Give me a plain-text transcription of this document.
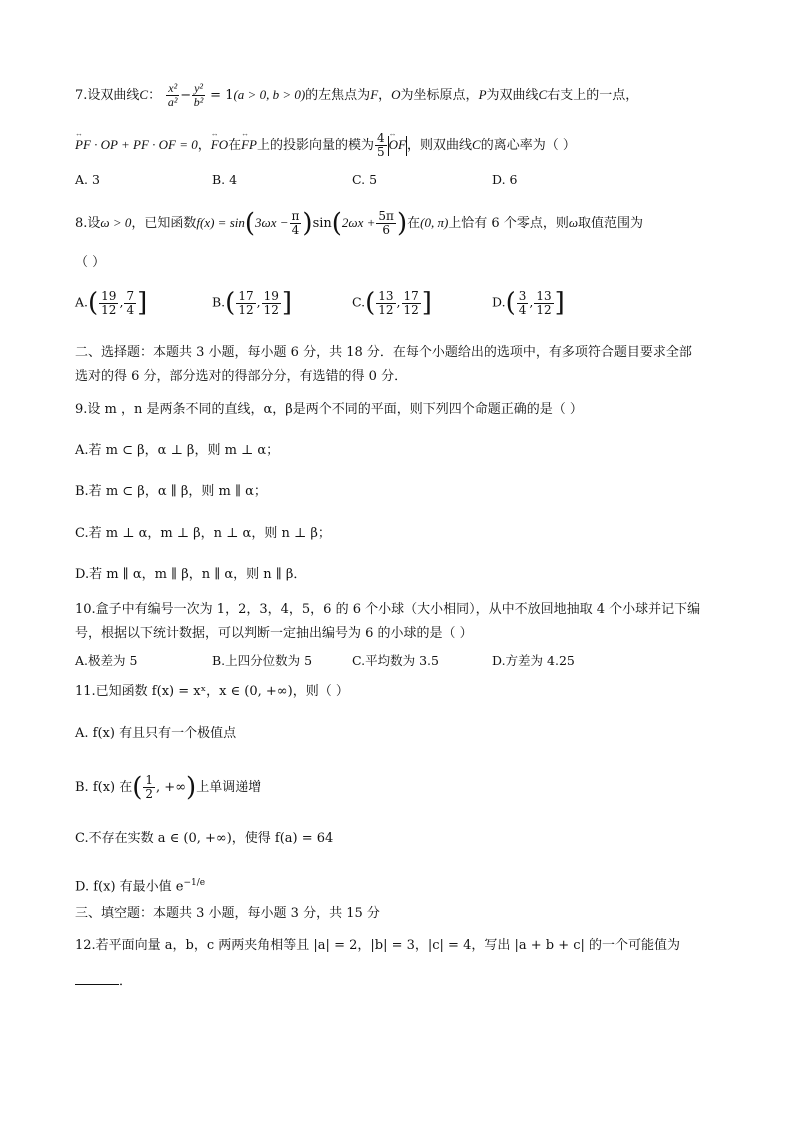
7.设双曲线C： $\frac{\text{x²}}{\text{a²}} - \frac{\text{y²}}{\text{b²}} = 1(a > 0$, b > 0)的左焦点为F，O为坐标原点，P为双曲线C右支上的一点，
↔ PF · OP + PF · OF = 0，↔ FO在↔ FP上的投影向量的模为 $\frac{4}{5}$
↔ OF，则双曲线C的离心率为（ ）
A. 3	B. 4	C. 5	D. 6
8.设ω > 0，已知函数$f(x) = \sin(3\omega x - \frac{\pi}{4} )\sin(2\omega x + \frac{5\pi}{6}$ )在(0, π)上恰有 6 个零点，则ω取值范围为
（ ）
$A.( \frac{19}{12}$ , $\frac{7}{4}$ ]	$B.( \frac{17}{12}$ , $\frac{19}{12}$ ]	$C.( \frac{13}{12}$ , $\frac{17}{12}$ ]	$D.( \frac{3}{4}$ , $\frac{13}{12}$ ]
二、选择题：本题共 3 小题，每小题 6 分，共 18 分．在每个小题给出的选项中，有多项符合题目要求全部
选对的得 6 分，部分选对的得部分分，有选错的得 0 分．
9.设 m ，n 是两条不同的直线，α，β是两个不同的平面，则下列四个命题正确的是（ ）
A.若 m ⊂ β，α ⊥ β，则 m ⊥ α；
B.若 m ⊂ β，α ∥ β，则 m ∥ α；
C.若 m ⊥ α，m ⊥ β，n ⊥ α，则 n ⊥ β；
D.若 m ∥ α，m ∥ β，n ∥ α，则 n ∥ β．
10.盒子中有编号一次为 1，2，3，4，5，6 的 6 个小球（大小相同），从中不放回地抽取 4 个小球并记下编
号，根据以下统计数据，可以判断一定抽出编号为 6 的小球的是（ ）
A.极差为 5	B.上四分位数为 5	C.平均数为 3.5	D.方差为 4.25
11.已知函数 f(x) = xˣ，x ∈ (0, +∞)，则（ ）
A. f(x) 有且只有一个极值点
B. f(x) 在( $\frac{1}{2}$ , +∞)上单调递增
C.不存在实数 a ∈ (0, +∞)，使得 f(a) = 64
D. f(x) 有最小值 $e^{-1/e}$
三、填空题：本题共 3 小题，每小题 3 分，共 15 分
12.若平面向量 a，b，c 两两夹角相等且 |a| = 2，|b| = 3，|c| = 4，写出 |a + b + c| 的一个可能值为
．
